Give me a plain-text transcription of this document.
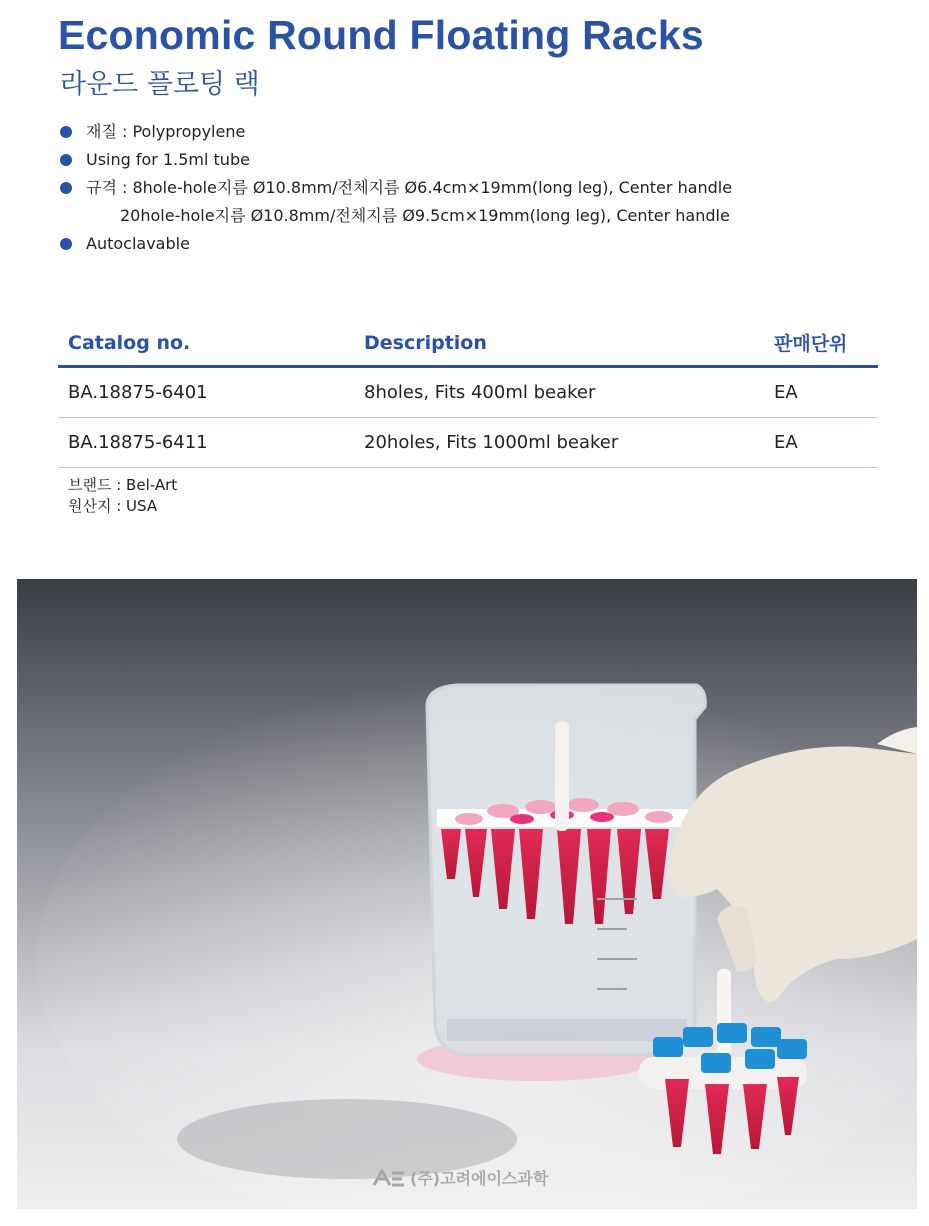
Economic Round Floating Racks
라운드 플로팅 랙
재질 : Polypropylene
Using for 1.5ml tube
규격 : 8hole-hole지름 Ø10.8mm/전체지름 Ø6.4cm×19mm(long leg), Center handle
20hole-hole지름 Ø10.8mm/전체지름 Ø9.5cm×19mm(long leg), Center handle
Autoclavable
Catalog no.	Description	판매단위
BA.18875-6401	8holes, Fits 400ml beaker	EA
BA.18875-6411	20holes, Fits 1000ml beaker	EA
브랜드 : Bel-Art
원산지 : USA
(주)고려에이스과학
